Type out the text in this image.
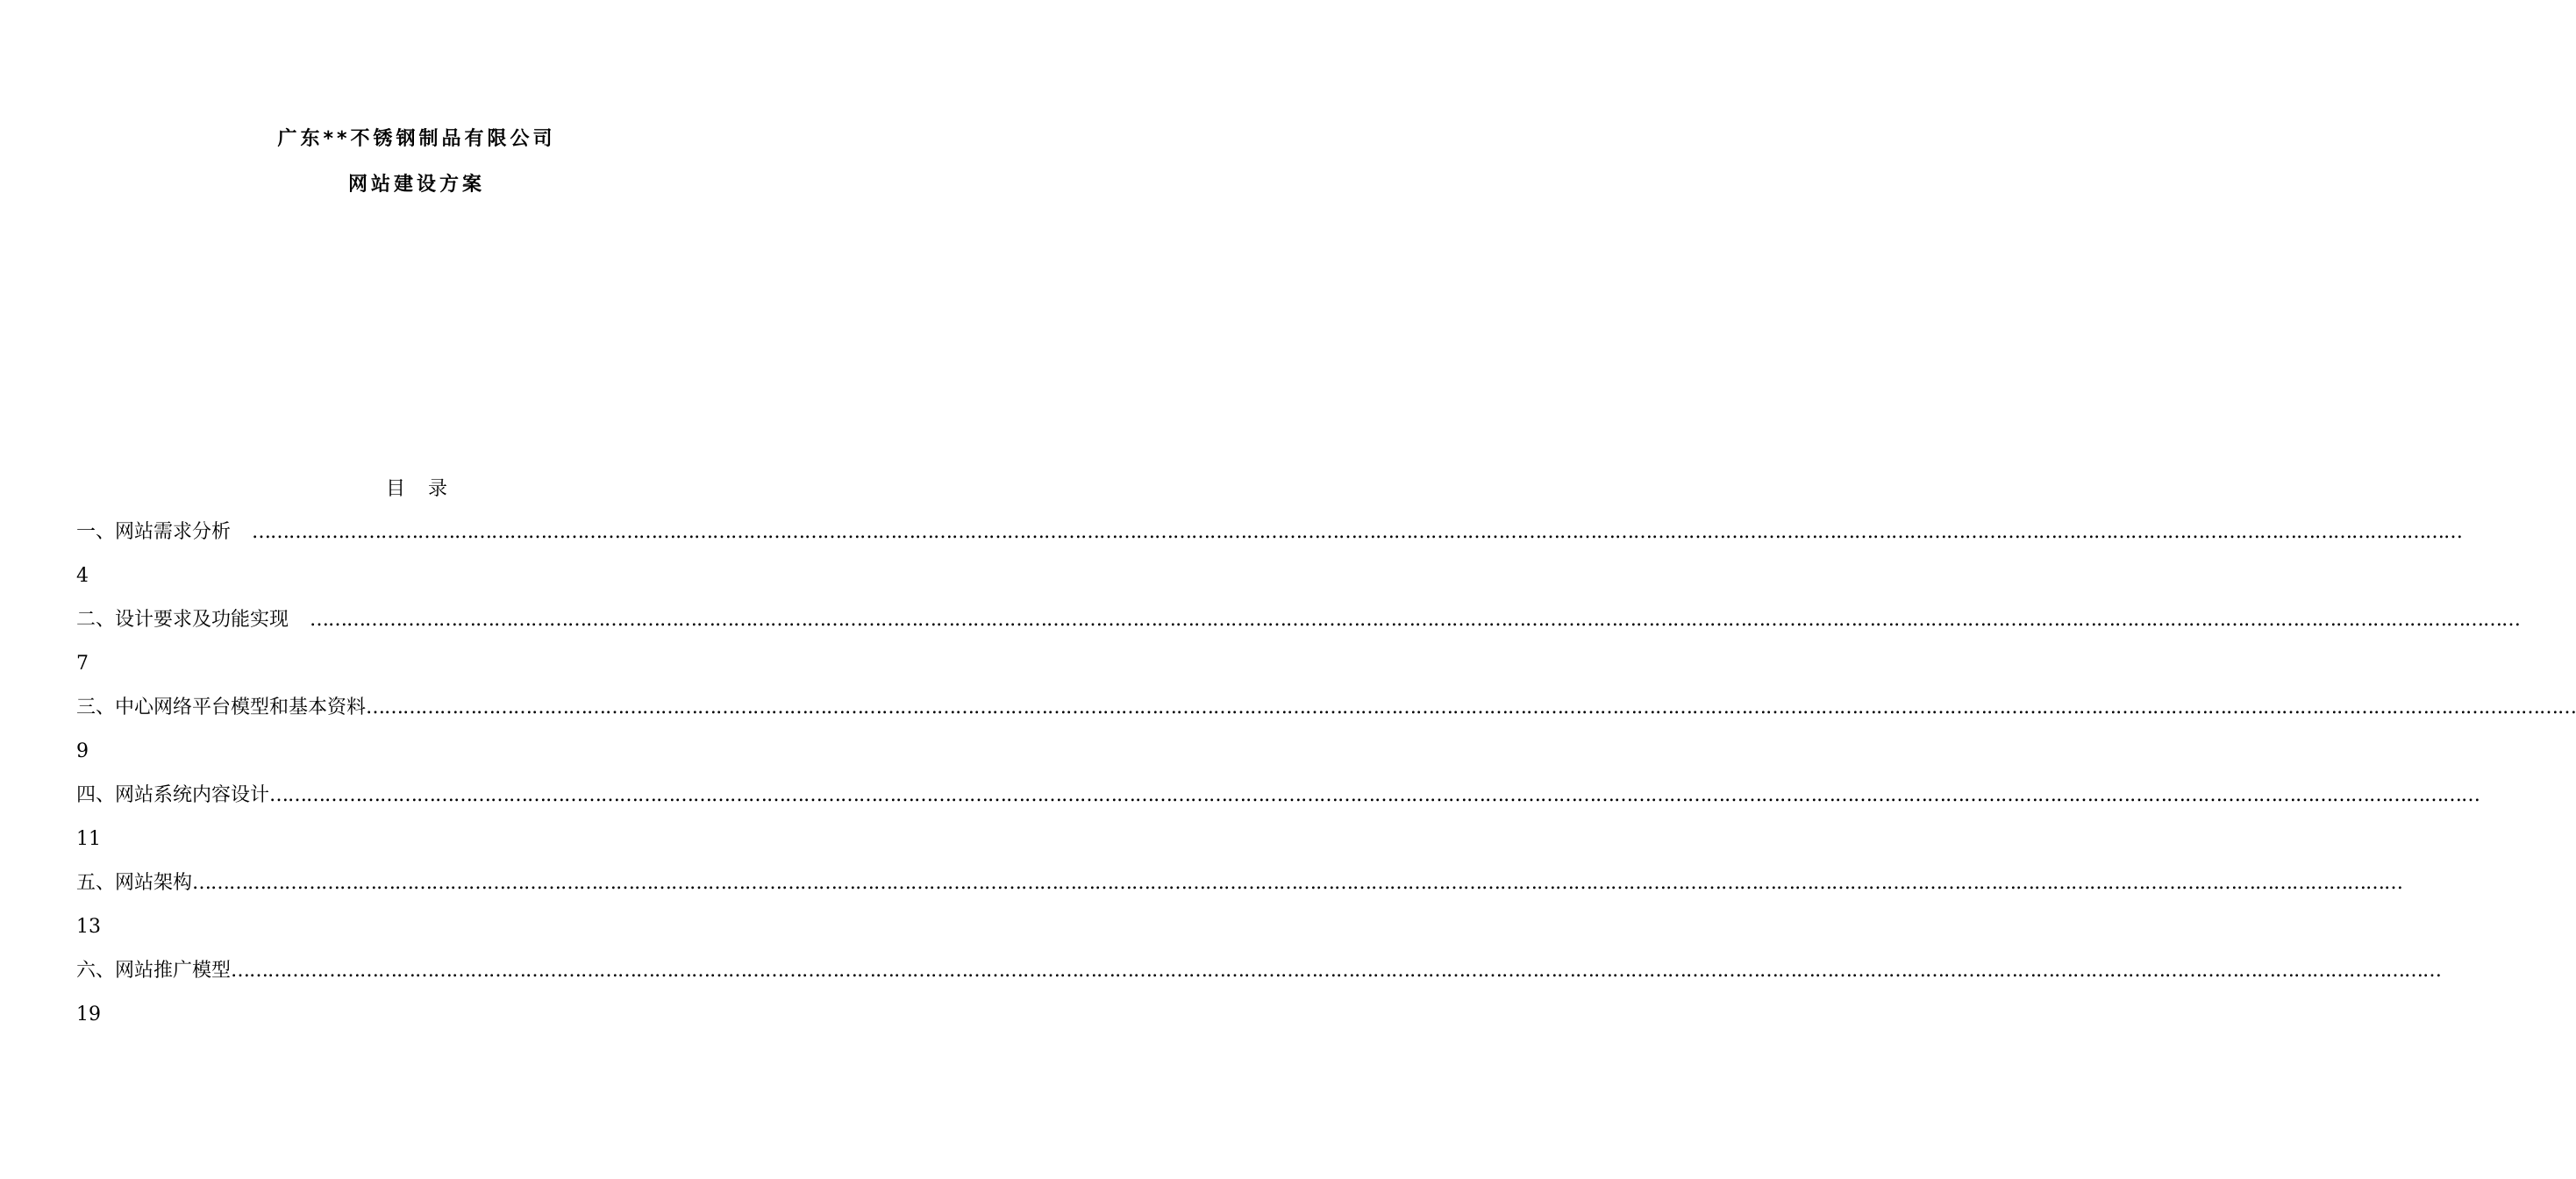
广东**不锈钢制品有限公司
网站建设方案
目 录
一、网站需求分析	………………………………………………………………………………………………………………………………………………………………………………………………………………………………………………………………………………………………………………………………
4
二、设计要求及功能实现	………………………………………………………………………………………………………………………………………………………………………………………………………………………………………………………………………………………………………………………………
7
三、中心网络平台模型和基本资料 ………………………………………………………………………………………………………………………………………………………………………………………………………………………………………………………………………………………………………………………………
9
四、网站系统内容设计 ………………………………………………………………………………………………………………………………………………………………………………………………………………………………………………………………………………………………………………………………
11
五、网站架构 ………………………………………………………………………………………………………………………………………………………………………………………………………………………………………………………………………………………………………………………………
13
六、网站推广模型 ………………………………………………………………………………………………………………………………………………………………………………………………………………………………………………………………………………………………………………………………
19
